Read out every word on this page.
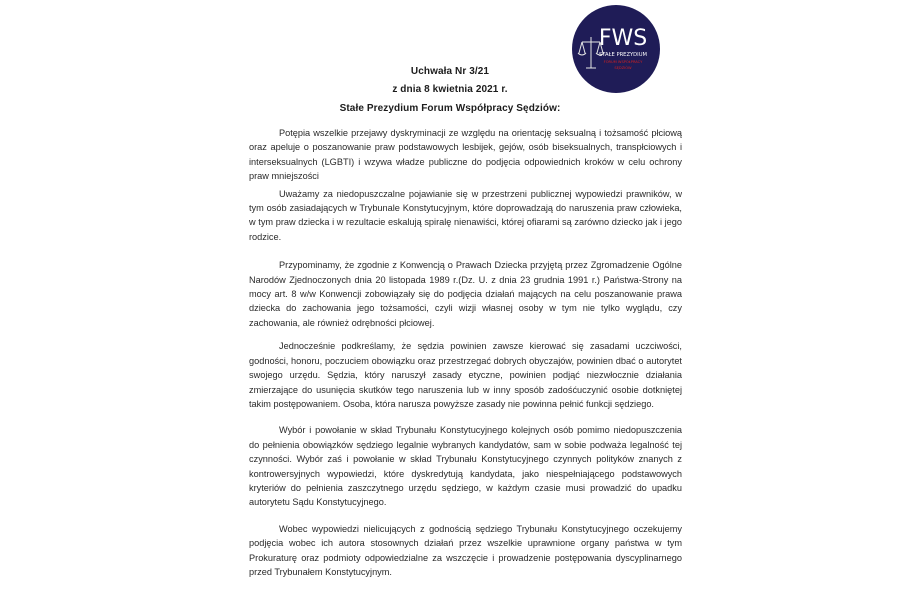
FWS
STAŁE PREZYDIUM
FORUM WSPÓŁPRACY
SĘDZIÓW
Uchwała Nr 3/21
z dnia 8 kwietnia 2021 r.
Stałe Prezydium Forum Współpracy Sędziów:

Potępia wszelkie przejawy dyskryminacji ze względu na orientację seksualną i tożsamość płciową oraz apeluje o poszanowanie praw podstawowych lesbijek, gejów, osób biseksualnych, transpłciowych i interseksualnych (LGBTI) i wzywa władze publiczne do podjęcia odpowiednich kroków w celu ochrony praw mniejszości

Uważamy za niedopuszczalne pojawianie się w przestrzeni publicznej wypowiedzi prawników, w tym osób zasiadających w Trybunale Konstytucyjnym, które doprowadzają do naruszenia praw człowieka, w tym praw dziecka i w rezultacie eskalują spiralę nienawiści, której ofiarami są zarówno dziecko jak i jego rodzice.

Przypominamy, że zgodnie z Konwencją o Prawach Dziecka przyjętą przez Zgromadzenie Ogólne Narodów Zjednoczonych dnia 20 listopada 1989 r.(Dz. U. z dnia 23 grudnia 1991 r.) Państwa-Strony na mocy art. 8 w/w Konwencji zobowiązały się do podjęcia działań mających na celu poszanowanie prawa dziecka do zachowania jego tożsamości, czyli wizji własnej osoby w tym nie tylko wyglądu, czy zachowania, ale również odrębności płciowej.

Jednocześnie podkreślamy, że sędzia powinien zawsze kierować się zasadami uczciwości, godności, honoru, poczuciem obowiązku oraz przestrzegać dobrych obyczajów, powinien dbać o autorytet swojego urzędu. Sędzia, który naruszył zasady etyczne, powinien podjąć niezwłocznie działania zmierzające do usunięcia skutków tego naruszenia lub w inny sposób zadośćuczynić osobie dotkniętej takim postępowaniem. Osoba, która narusza powyższe zasady nie powinna pełnić funkcji sędziego.

Wybór i powołanie w skład Trybunału Konstytucyjnego kolejnych osób pomimo niedopuszczenia do pełnienia obowiązków sędziego legalnie wybranych kandydatów, sam w sobie podważa legalność tej czynności. Wybór zaś i powołanie w skład Trybunału Konstytucyjnego czynnych polityków znanych z kontrowersyjnych wypowiedzi, które dyskredytują kandydata, jako niespełniającego podstawowych kryteriów do pełnienia zaszczytnego urzędu sędziego, w każdym czasie musi prowadzić do upadku autorytetu Sądu Konstytucyjnego.

Wobec wypowiedzi nielicujących z godnością sędziego Trybunału Konstytucyjnego oczekujemy podjęcia wobec ich autora stosownych działań przez wszelkie uprawnione organy państwa w tym Prokuraturę oraz podmioty odpowiedzialne za wszczęcie i prowadzenie postępowania dyscyplinarnego przed Trybunałem Konstytucyjnym.
